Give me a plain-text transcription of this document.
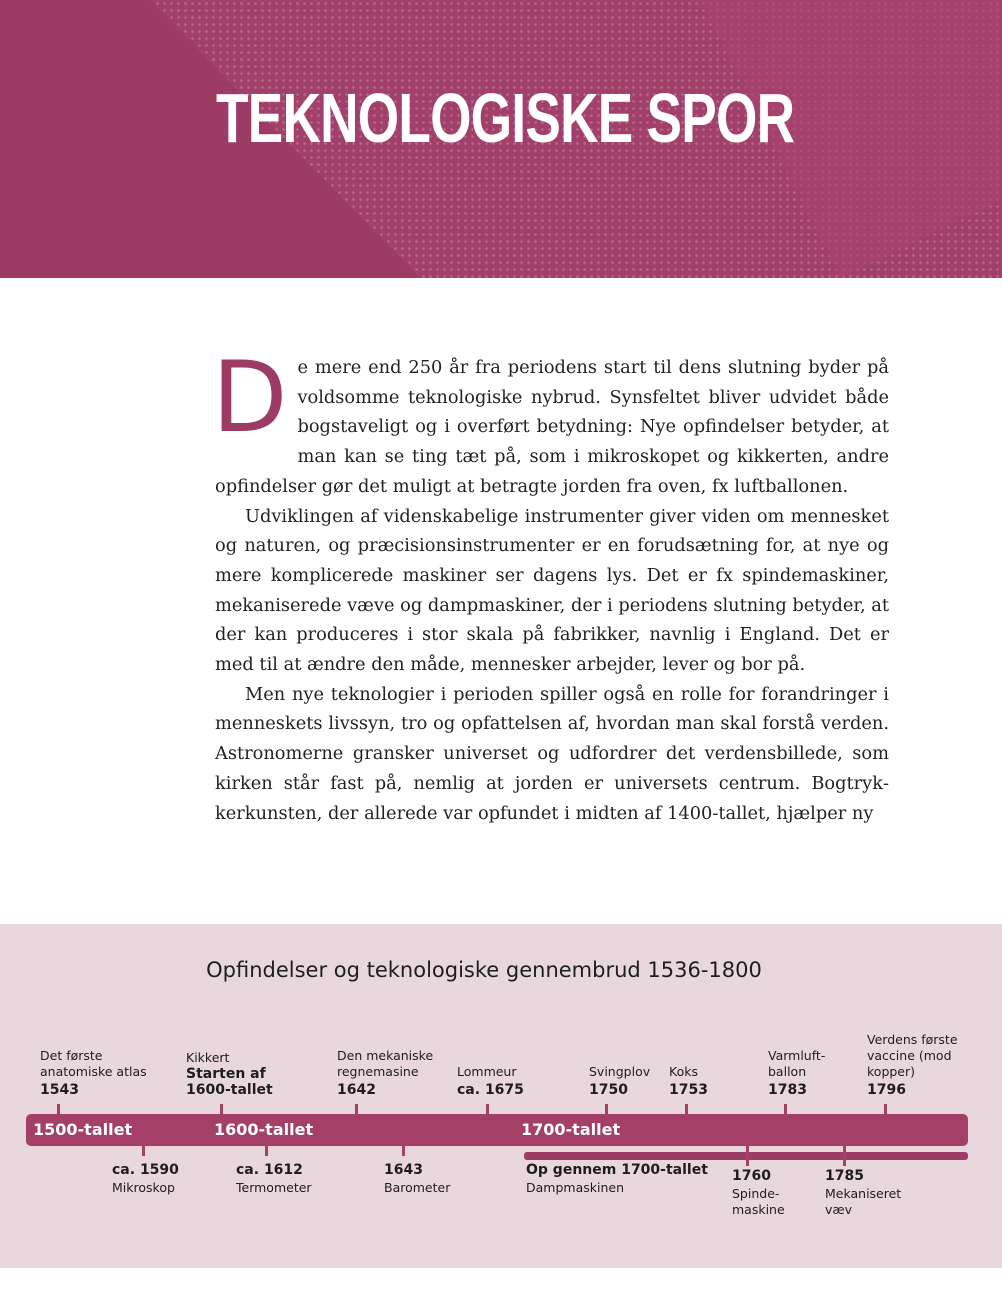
TEKNOLOGISKE SPOR

De mere end 250 år fra periodens start til dens slutning byder på voldsomme teknologiske nybrud. Synsfeltet bliver udvidet både bogstaveligt og i overført betydning: Nye opfindelser betyder, at man kan se ting tæt på, som i mikroskopet og kikkerten, andre opfindelser gør det muligt at betragte jorden fra oven, fx luftballonen.

Udviklingen af videnskabelige instrumenter giver viden om mennesket og naturen, og præcisionsinstrumenter er en forudsætning for, at nye og mere komplicerede maskiner ser dagens lys. Det er fx spindemaskiner, mekaniserede væve og dampmaskiner, der i periodens slutning betyder, at der kan produceres i stor skala på fabrikker, navnlig i England. Det er med til at ændre den måde, mennesker arbejder, lever og bor på.

Men nye teknologier i perioden spiller også en rolle for forandringer i menneskets livssyn, tro og opfattelsen af, hvordan man skal forstå verden. Astronomerne gransker universet og udfordrer det verdensbillede, som kirken står fast på, nemlig at jorden er universets centrum. Bogtrykkerkunsten, der allerede var opfundet i midten af 1400-tallet, hjælper ny

Opfindelser og teknologiske gennembrud 1536-1800
1500-tallet	1600-tallet	1700-tallet
Det første anatomiske atlas
1543
Kikkert
Starten af 1600-tallet
Den mekaniske regnemasine
1642
Lommeur
ca. 1675
Svingplov
1750
Koks
1753
Varmluft-ballon
1783
Verdens første vaccine (mod kopper)
1796
ca. 1590
Mikroskop
ca. 1612
Termometer
1643
Barometer
Op gennem 1700-tallet
Dampmaskinen
1760
Spinde-maskine
1785
Mekaniseret væv
